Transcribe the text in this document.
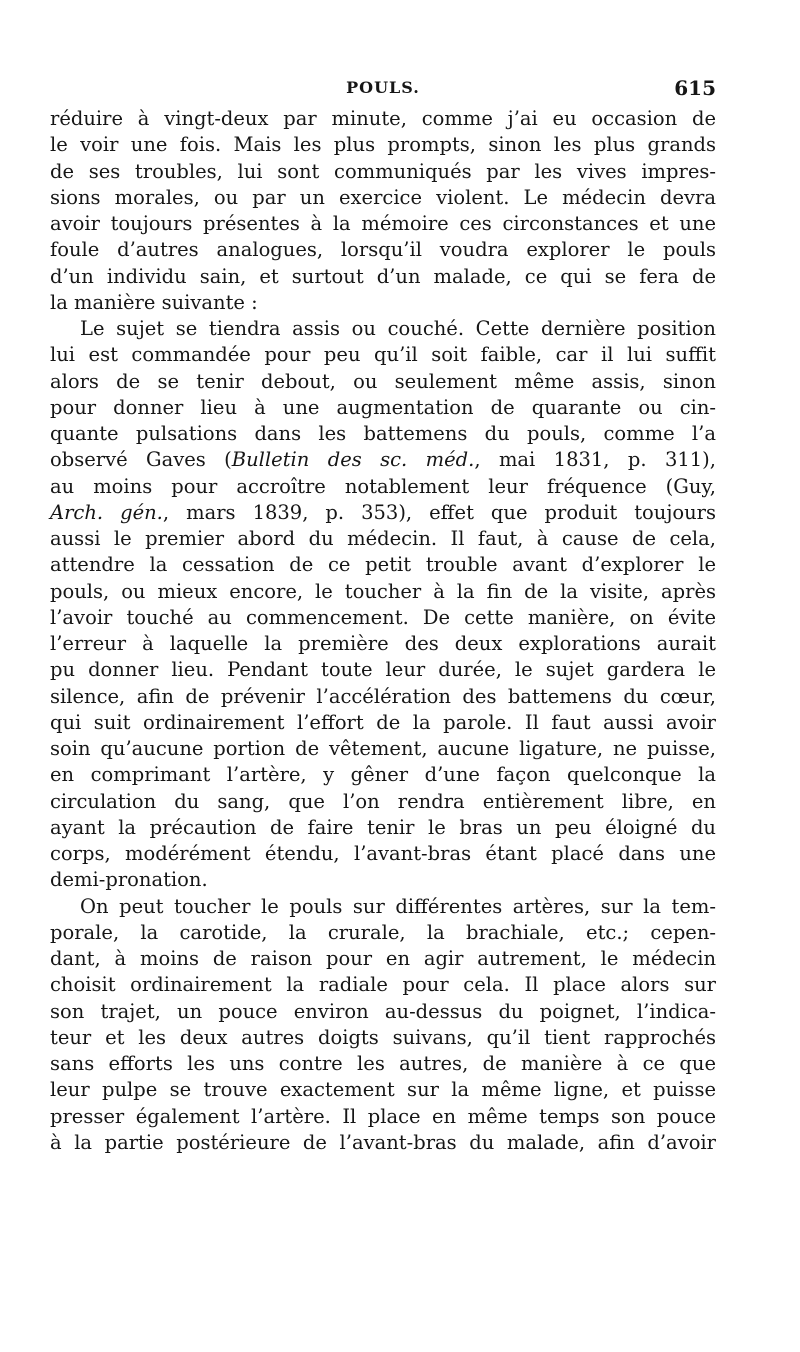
POULS.	615
réduire à vingt-deux par minute, comme j’ai eu occasion de
le voir une fois. Mais les plus prompts, sinon les plus grands
de ses troubles, lui sont communiqués par les vives impres-
sions morales, ou par un exercice violent. Le médecin devra
avoir toujours présentes à la mémoire ces circonstances et une
foule d’autres analogues, lorsqu’il voudra explorer le pouls
d’un individu sain, et surtout d’un malade, ce qui se fera de
la manière suivante :
Le sujet se tiendra assis ou couché. Cette dernière position
lui est commandée pour peu qu’il soit faible, car il lui suffit
alors de se tenir debout, ou seulement même assis, sinon
pour donner lieu à une augmentation de quarante ou cin-
quante pulsations dans les battemens du pouls, comme l’a
observé Gaves (Bulletin des sc. méd., mai 1831, p. 311),
au moins pour accroître notablement leur fréquence (Guy,
Arch. gén., mars 1839, p. 353), effet que produit toujours
aussi le premier abord du médecin. Il faut, à cause de cela,
attendre la cessation de ce petit trouble avant d’explorer le
pouls, ou mieux encore, le toucher à la fin de la visite, après
l’avoir touché au commencement. De cette manière, on évite
l’erreur à laquelle la première des deux explorations aurait
pu donner lieu. Pendant toute leur durée, le sujet gardera le
silence, afin de prévenir l’accélération des battemens du cœur,
qui suit ordinairement l’effort de la parole. Il faut aussi avoir
soin qu’aucune portion de vêtement, aucune ligature, ne puisse,
en comprimant l’artère, y gêner d’une façon quelconque la
circulation du sang, que l’on rendra entièrement libre, en
ayant la précaution de faire tenir le bras un peu éloigné du
corps, modérément étendu, l’avant-bras étant placé dans une
demi-pronation.
On peut toucher le pouls sur différentes artères, sur la tem-
porale, la carotide, la crurale, la brachiale, etc.; cepen-
dant, à moins de raison pour en agir autrement, le médecin
choisit ordinairement la radiale pour cela. Il place alors sur
son trajet, un pouce environ au-dessus du poignet, l’indica-
teur et les deux autres doigts suivans, qu’il tient rapprochés
sans efforts les uns contre les autres, de manière à ce que
leur pulpe se trouve exactement sur la même ligne, et puisse
presser également l’artère. Il place en même temps son pouce
à la partie postérieure de l’avant-bras du malade, afin d’avoir
